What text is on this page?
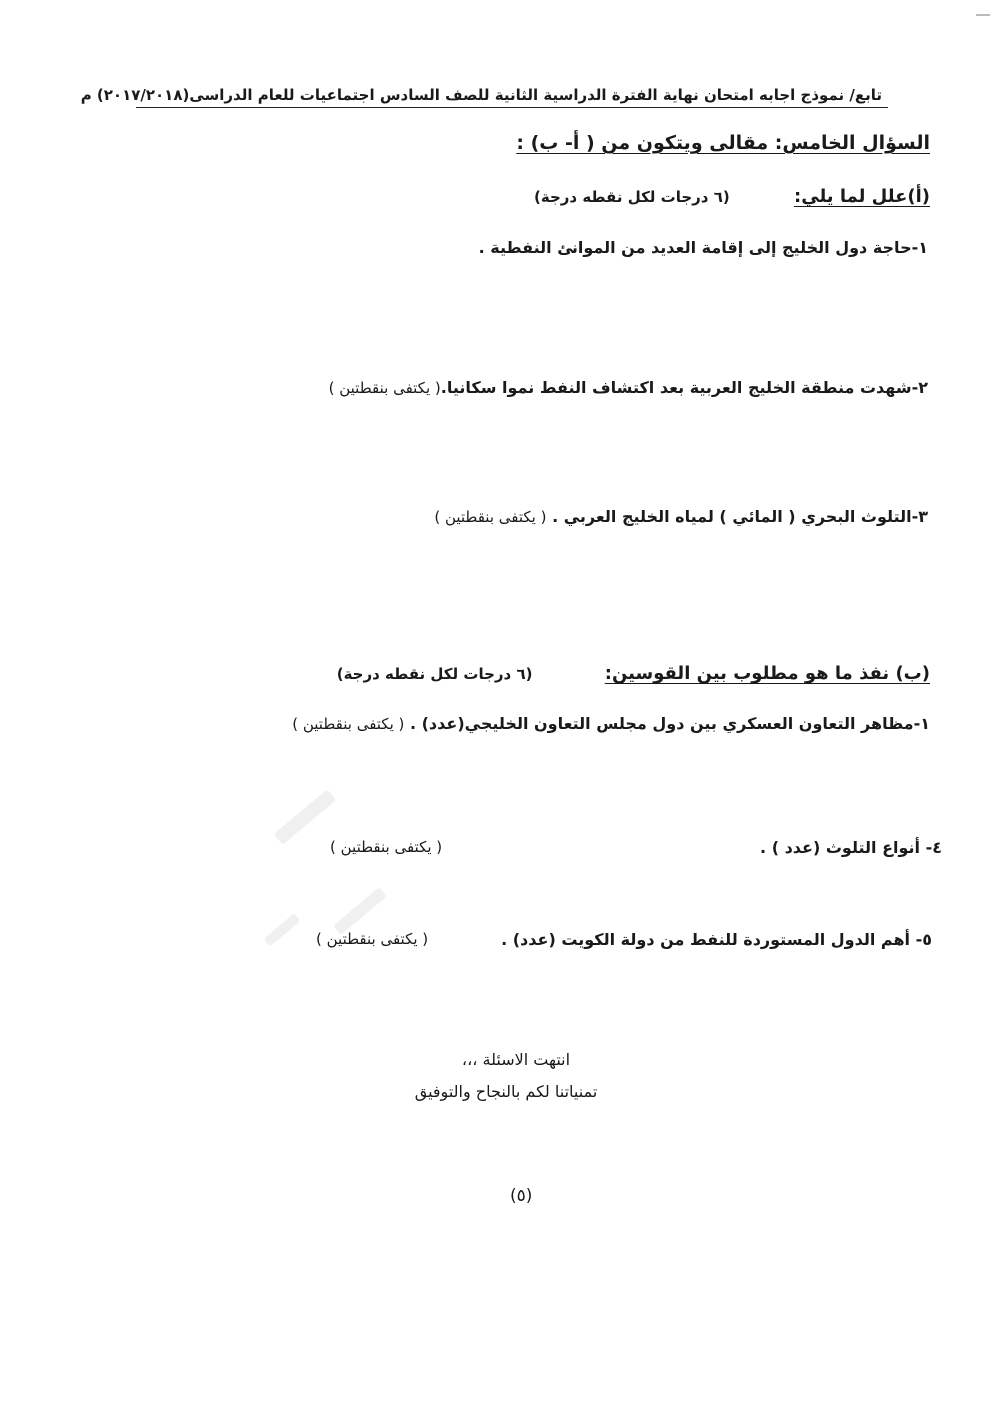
تابع/ نموذج اجابه امتحان نهاية الفترة الدراسية الثانية للصف السادس اجتماعيات للعام الدراسى(٢٠١٧/٢٠١٨) م
السؤال الخامس: مقالى ويتكون من ( أ- ب) :
(أ)علل لما يلي: (٦ درجات لكل نقطه درجة)
١-حاجة دول الخليج إلى إقامة العديد من الموانئ النفطية .
٢-شهدت منطقة الخليج العربية بعد اكتشاف النفط نموا سكانيا.( يكتفى بنقطتين )
٣-التلوث البحري ( المائي ) لمياه الخليج العربي . ( يكتفى بنقطتين )
(ب) نفذ ما هو مطلوب بين القوسين: (٦ درجات لكل نقطه درجة)
١-مظاهر التعاون العسكري بين دول مجلس التعاون الخليجي(عدد) . ( يكتفى بنقطتين )
٤- أنواع التلوث (عدد ) .
( يكتفى بنقطتين )
٥- أهم الدول المستوردة للنفط من دولة الكويت (عدد) .
( يكتفى بنقطتين )
انتهت الاسئلة ،،،
تمنياتنا لكم بالنجاح والتوفيق
(٥)
